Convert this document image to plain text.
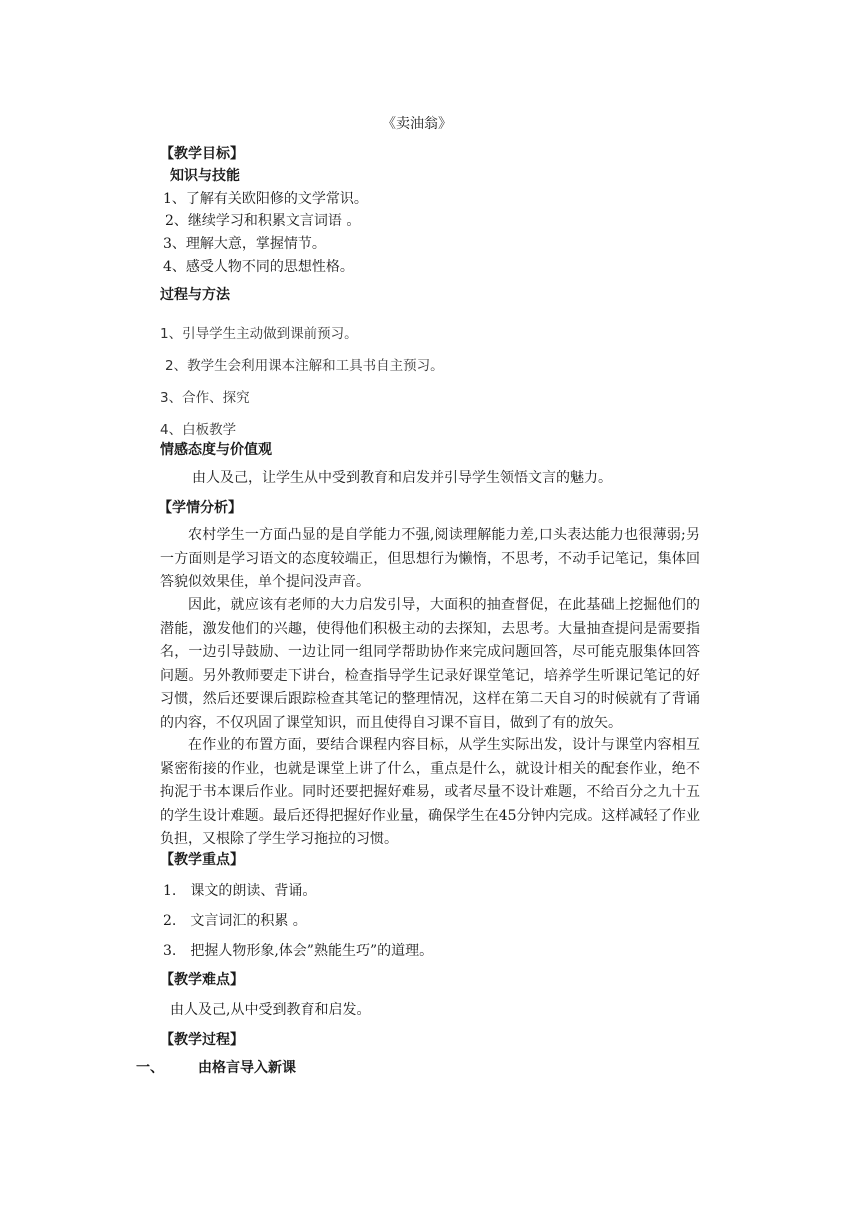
《卖油翁》
【教学目标】
知识与技能
1、了解有关欧阳修的文学常识。
2、继续学习和积累文言词语 。
3、理解大意，掌握情节。
4、感受人物不同的思想性格。
过程与方法
1、引导学生主动做到课前预习。
2、教学生会利用课本注解和工具书自主预习。
3、合作、探究
4、白板教学
情感态度与价值观
由人及己，让学生从中受到教育和启发并引导学生领悟文言的魅力。
【学情分析】
农村学生一方面凸显的是自学能力不强,阅读理解能力差,口头表达能力也很薄弱;另一方面则是学习语文的态度较端正，但思想行为懒惰，不思考，不动手记笔记，集体回答貌似效果佳，单个提问没声音。
因此，就应该有老师的大力启发引导，大面积的抽查督促，在此基础上挖掘他们的潜能，激发他们的兴趣，使得他们积极主动的去探知，去思考。大量抽查提问是需要指名，一边引导鼓励、一边让同一组同学帮助协作来完成问题回答，尽可能克服集体回答问题。另外教师要走下讲台，检查指导学生记录好课堂笔记，培养学生听课记笔记的好习惯，然后还要课后跟踪检查其笔记的整理情况，这样在第二天自习的时候就有了背诵的内容，不仅巩固了课堂知识，而且使得自习课不盲目，做到了有的放矢。
在作业的布置方面，要结合课程内容目标，从学生实际出发，设计与课堂内容相互紧密衔接的作业，也就是课堂上讲了什么，重点是什么，就设计相关的配套作业，绝不拘泥于书本课后作业。同时还要把握好难易，或者尽量不设计难题，不给百分之九十五的学生设计难题。最后还得把握好作业量，确保学生在45分钟内完成。这样减轻了作业负担，又根除了学生学习拖拉的习惯。
【教学重点】
1. 课文的朗读、背诵。
2. 文言词汇的积累 。
3. 把握人物形象,体会”熟能生巧”的道理。
【教学难点】
由人及己,从中受到教育和启发。
【教学过程】
一、 由格言导入新课
